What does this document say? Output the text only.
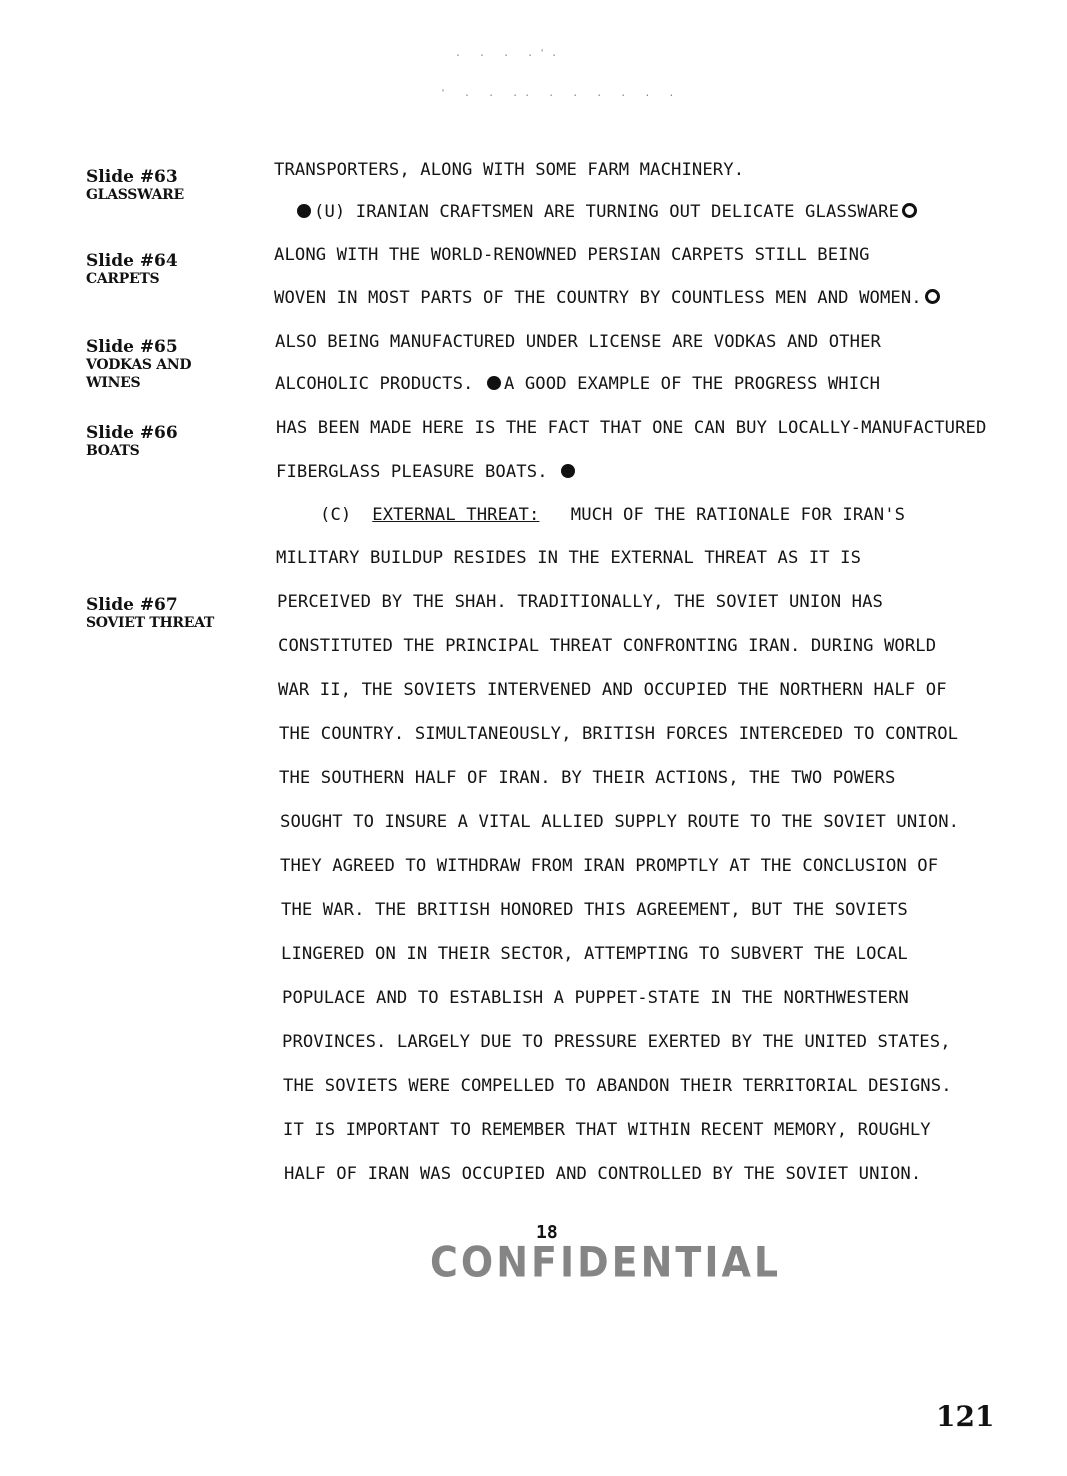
. . . .'.
' . . .. . . . . . .
Slide #63
GLASSWARE
Slide #64
CARPETS
Slide #65
VODKAS AND
WINES
Slide #66
BOATS
Slide #67
SOVIET THREAT
TRANSPORTERS, ALONG WITH SOME FARM MACHINERY.
(U) IRANIAN CRAFTSMEN ARE TURNING OUT DELICATE GLASSWARE
ALONG WITH THE WORLD-RENOWNED PERSIAN CARPETS STILL BEING
WOVEN IN MOST PARTS OF THE COUNTRY BY COUNTLESS MEN AND WOMEN.
ALSO BEING MANUFACTURED UNDER LICENSE ARE VODKAS AND OTHER
ALCOHOLIC PRODUCTS. A GOOD EXAMPLE OF THE PROGRESS WHICH
HAS BEEN MADE HERE IS THE FACT THAT ONE CAN BUY LOCALLY-MANUFACTURED
FIBERGLASS PLEASURE BOATS.
(C) EXTERNAL THREAT: MUCH OF THE RATIONALE FOR IRAN'S
MILITARY BUILDUP RESIDES IN THE EXTERNAL THREAT AS IT IS
PERCEIVED BY THE SHAH. TRADITIONALLY, THE SOVIET UNION HAS
CONSTITUTED THE PRINCIPAL THREAT CONFRONTING IRAN. DURING WORLD
WAR II, THE SOVIETS INTERVENED AND OCCUPIED THE NORTHERN HALF OF
THE COUNTRY. SIMULTANEOUSLY, BRITISH FORCES INTERCEDED TO CONTROL
THE SOUTHERN HALF OF IRAN. BY THEIR ACTIONS, THE TWO POWERS
SOUGHT TO INSURE A VITAL ALLIED SUPPLY ROUTE TO THE SOVIET UNION.
THEY AGREED TO WITHDRAW FROM IRAN PROMPTLY AT THE CONCLUSION OF
THE WAR. THE BRITISH HONORED THIS AGREEMENT, BUT THE SOVIETS
LINGERED ON IN THEIR SECTOR, ATTEMPTING TO SUBVERT THE LOCAL
POPULACE AND TO ESTABLISH A PUPPET-STATE IN THE NORTHWESTERN
PROVINCES. LARGELY DUE TO PRESSURE EXERTED BY THE UNITED STATES,
THE SOVIETS WERE COMPELLED TO ABANDON THEIR TERRITORIAL DESIGNS.
IT IS IMPORTANT TO REMEMBER THAT WITHIN RECENT MEMORY, ROUGHLY
HALF OF IRAN WAS OCCUPIED AND CONTROLLED BY THE SOVIET UNION.
18
CONFIDENTIAL
121
